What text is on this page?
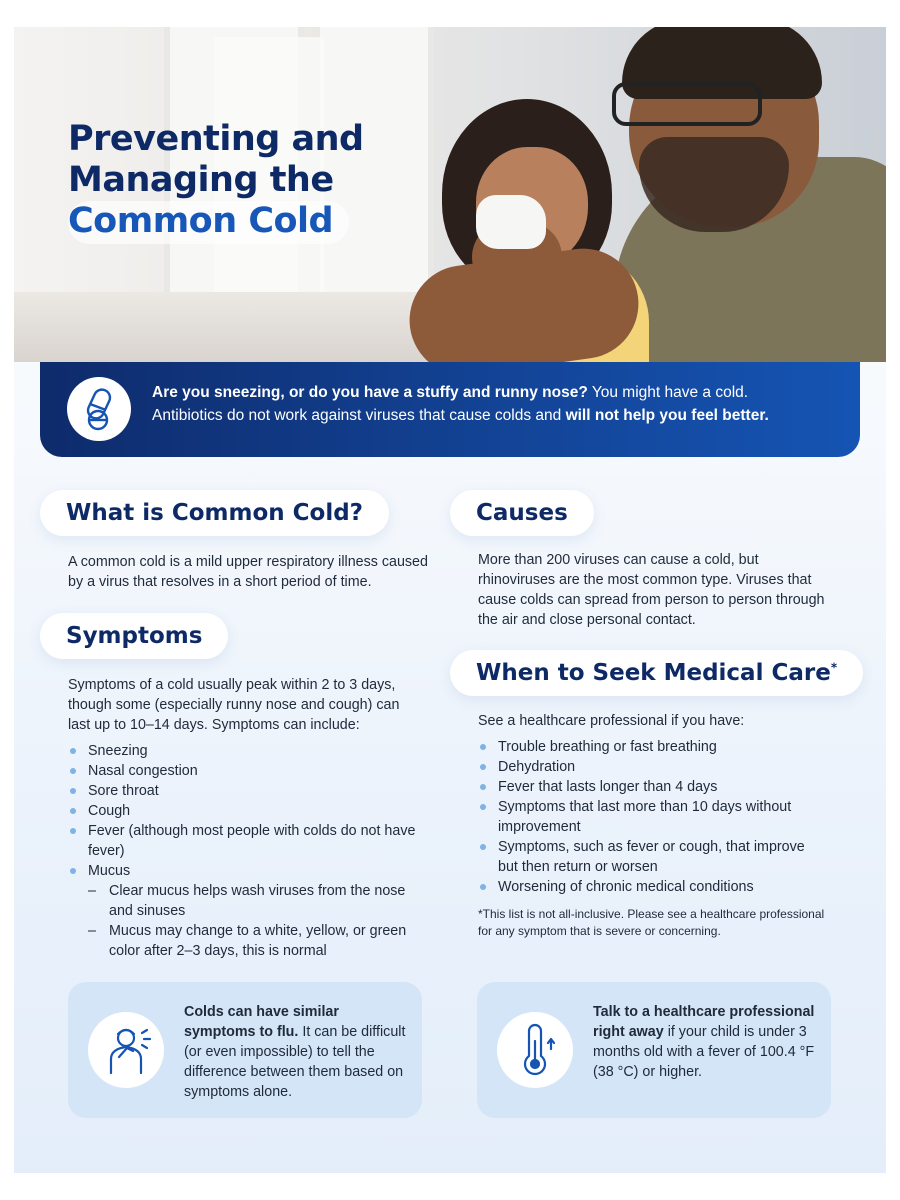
Preventing and
Managing the
Common Cold

Are you sneezing, or do you have a stuffy and runny nose? You might have a cold.
Antibiotics do not work against viruses that cause colds and will not help you feel better.

What is Common Cold?

A common cold is a mild upper respiratory illness caused by a virus that resolves in a short period of time.

Symptoms

Symptoms of a cold usually peak within 2 to 3 days, though some (especially runny nose and cough) can last up to 10–14 days. Symptoms can include:

Sneezing
Nasal congestion
Sore throat
Cough
Fever (although most people with colds do not have fever)
Mucus
– Clear mucus helps wash viruses from the nose and sinuses
– Mucus may change to a white, yellow, or green color after 2–3 days, this is normal
Causes

More than 200 viruses can cause a cold, but rhinoviruses are the most common type. Viruses that cause colds can spread from person to person through the air and close personal contact.

When to Seek Medical Care*

See a healthcare professional if you have:

Trouble breathing or fast breathing
Dehydration
Fever that lasts longer than 4 days
Symptoms that last more than 10 days without improvement
Symptoms, such as fever or cough, that improve but then return or worsen
Worsening of chronic medical conditions

*This list is not all-inclusive. Please see a healthcare professional for any symptom that is severe or concerning.

Colds can have similar symptoms to flu. It can be difficult (or even impossible) to tell the difference between them based on symptoms alone.

Talk to a healthcare professional right away if your child is under 3 months old with a fever of 100.4 °F (38 °C) or higher.
